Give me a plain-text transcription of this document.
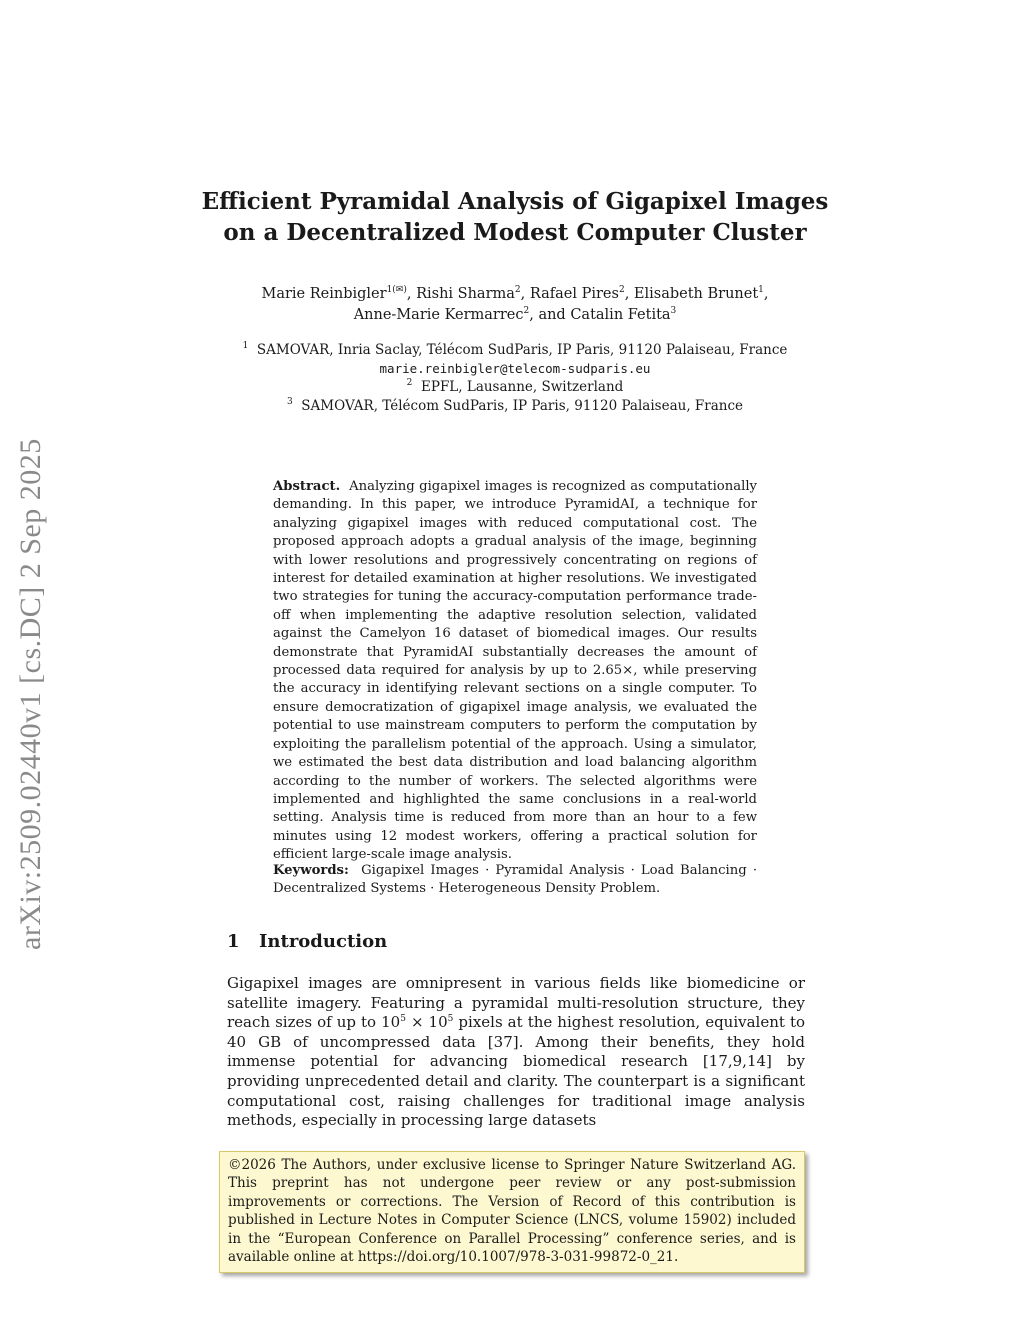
arXiv:2509.02440v1 [cs.DC] 2 Sep 2025
Efficient Pyramidal Analysis of Gigapixel Images
on a Decentralized Modest Computer Cluster
Marie Reinbigler$^{1(✉)}$, Rishi Sharma$^2$, Rafael Pires$^2$, Elisabeth Brunet$^1$,
Anne-Marie Kermarrec$^2$, and Catalin Fetita$^3$
$^1$ SAMOVAR, Inria Saclay, Télécom SudParis, IP Paris, 91120 Palaiseau, France
marie.reinbigler@telecom-sudparis.eu
$^2$ EPFL, Lausanne, Switzerland
$^3$ SAMOVAR, Télécom SudParis, IP Paris, 91120 Palaiseau, France
Abstract. Analyzing gigapixel images is recognized as computationally demanding. In this paper, we introduce PyramidAI, a technique for analyzing gigapixel images with reduced computational cost. The proposed approach adopts a gradual analysis of the image, beginning with lower resolutions and progressively concentrating on regions of interest for detailed examination at higher resolutions. We investigated two strategies for tuning the accuracy-computation performance trade-off when implementing the adaptive resolution selection, validated against the Camelyon 16 dataset of biomedical images. Our results demonstrate that PyramidAI substantially decreases the amount of processed data required for analysis by up to 2.65×, while preserving the accuracy in identifying relevant sections on a single computer. To ensure democratization of gigapixel image analysis, we evaluated the potential to use mainstream computers to perform the computation by exploiting the parallelism potential of the approach. Using a simulator, we estimated the best data distribution and load balancing algorithm according to the number of workers. The selected algorithms were implemented and highlighted the same conclusions in a real-world setting. Analysis time is reduced from more than an hour to a few minutes using 12 modest workers, offering a practical solution for efficient large-scale image analysis.
Keywords: Gigapixel Images · Pyramidal Analysis · Load Balancing · Decentralized Systems · Heterogeneous Density Problem.
1 Introduction
Gigapixel images are omnipresent in various fields like biomedicine or satellite imagery. Featuring a pyramidal multi-resolution structure, they reach sizes of up to $10^5 \times 10^5$ pixels at the highest resolution, equivalent to 40 GB of uncompressed data [37]. Among their benefits, they hold immense potential for advancing biomedical research [17,9,14] by providing unprecedented detail and clarity. The counterpart is a significant computational cost, raising challenges for traditional image analysis methods, especially in processing large datasets
©2026 The Authors, under exclusive license to Springer Nature Switzerland AG. This preprint has not undergone peer review or any post-submission improvements or corrections. The Version of Record of this contribution is published in Lecture Notes in Computer Science (LNCS, volume 15902) included in the “European Conference on Parallel Processing” conference series, and is available online at https://doi.org/10.1007/978-3-031-99872-0_21.
